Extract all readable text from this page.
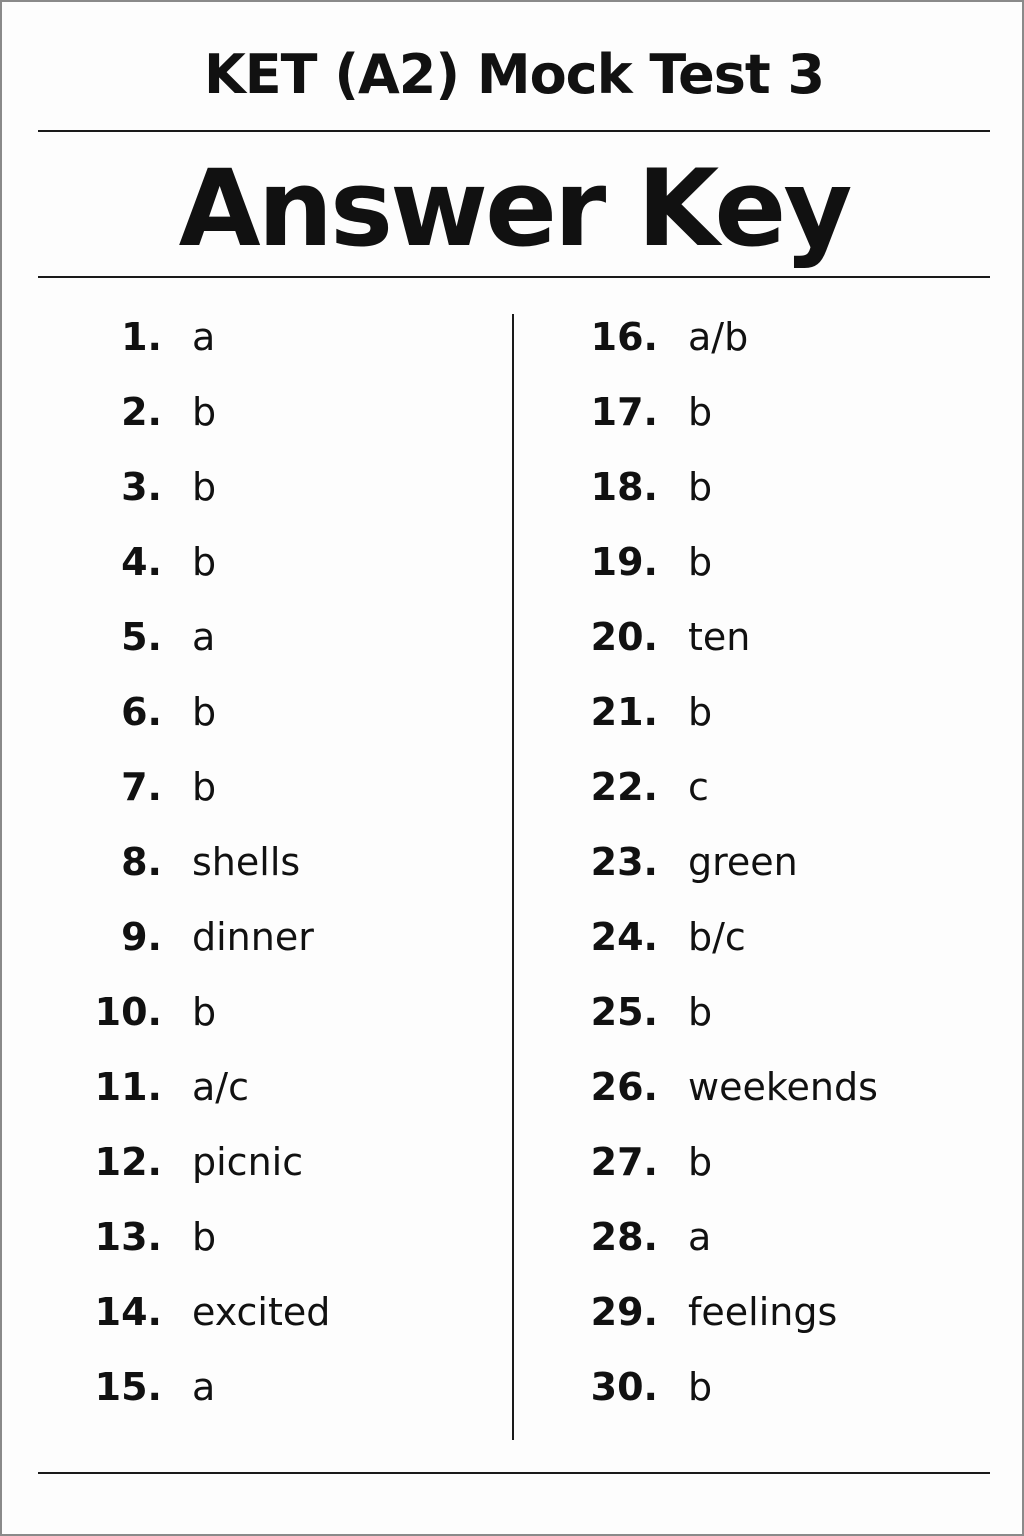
KET (A2) Mock Test 3
Answer Key
1. a
2. b
3. b
4. b
5. a
6. b
7. b
8. shells
9. dinner
10. b
11. a/c
12. picnic
13. b
14. excited
15. a
16. a/b
17. b
18. b
19. b
20. ten
21. b
22. c
23. green
24. b/c
25. b
26. weekends
27. b
28. a
29. feelings
30. b
